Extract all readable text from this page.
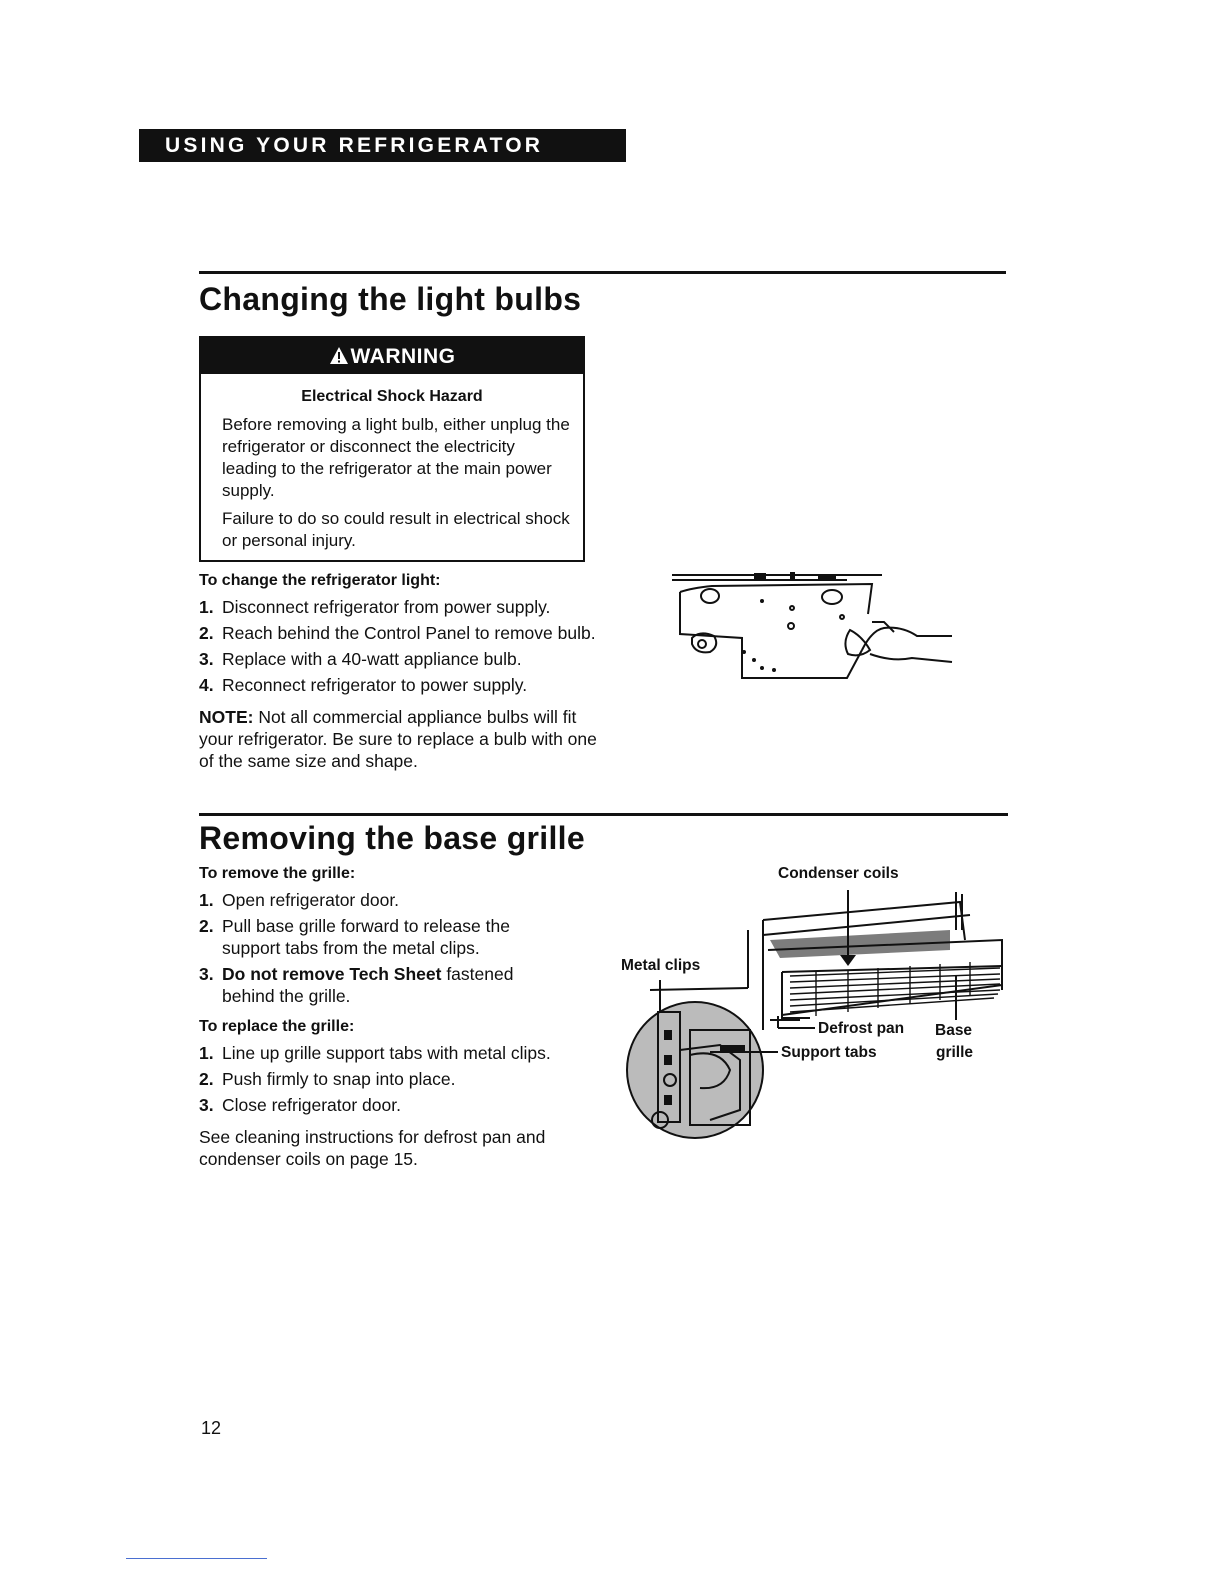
USING YOUR REFRIGERATOR
Changing the light bulbs
WARNING
Electrical Shock Hazard
Before removing a light bulb, either unplug the refrigerator or disconnect the electricity leading to the refrigerator at the main power supply.
Failure to do so could result in electrical shock or personal injury.
To change the refrigerator light:
1. Disconnect refrigerator from power supply.
2. Reach behind the Control Panel to remove bulb.
3. Replace with a 40-watt appliance bulb.
4. Reconnect refrigerator to power supply.
NOTE: Not all commercial appliance bulbs will fit your refrigerator. Be sure to replace a bulb with one of the same size and shape.
Removing the base grille
To remove the grille:
1. Open refrigerator door.
2. Pull base grille forward to release the support tabs from the metal clips.
3. Do not remove Tech Sheet fastened behind the grille.
To replace the grille:
1. Line up grille support tabs with metal clips.
2. Push firmly to snap into place.
3. Close refrigerator door.
See cleaning instructions for defrost pan and condenser coils on page 15.
Condenser coils
Metal clips
Defrost pan Base
Support tabs	grille
12
